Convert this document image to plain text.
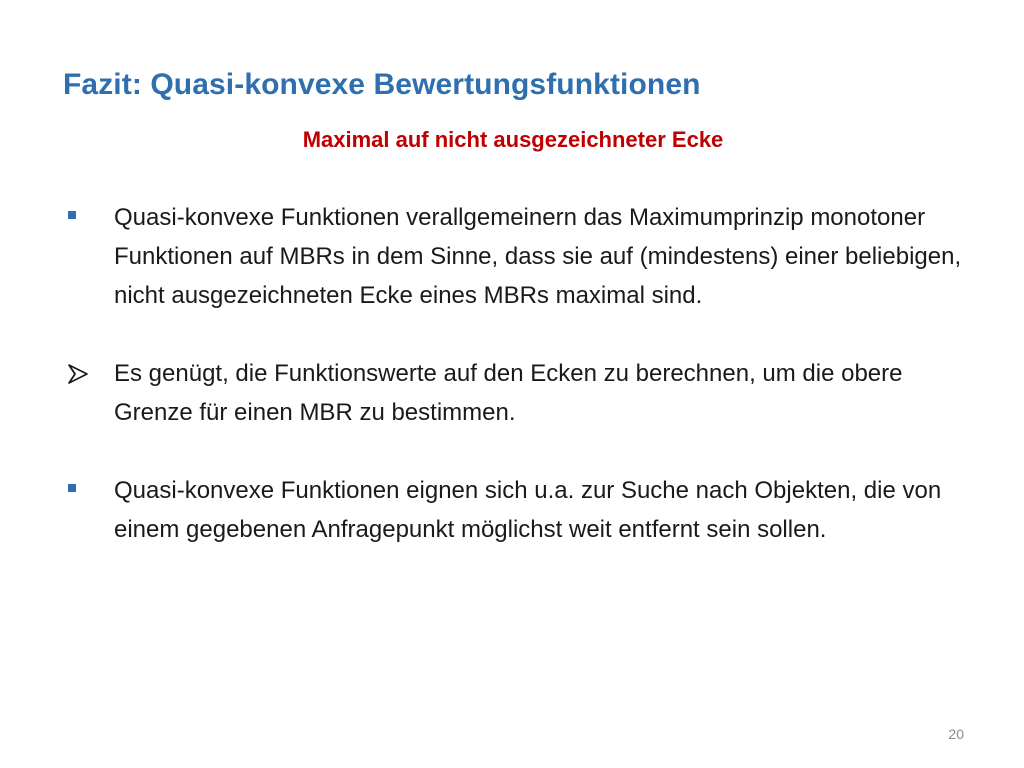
Fazit: Quasi-konvexe Bewertungsfunktionen
Maximal auf nicht ausgezeichneter Ecke
Quasi-konvexe Funktionen verallgemeinern das Maximumprinzip monotoner Funktionen auf MBRs in dem Sinne, dass sie auf (mindestens) einer beliebigen, nicht ausgezeichneten Ecke eines MBRs maximal sind.
Es genügt, die Funktionswerte auf den Ecken zu berechnen, um die obere Grenze für einen MBR zu bestimmen.
Quasi-konvexe Funktionen eignen sich u.a. zur Suche nach Objekten, die von einem gegebenen Anfragepunkt möglichst weit entfernt sein sollen.
20
